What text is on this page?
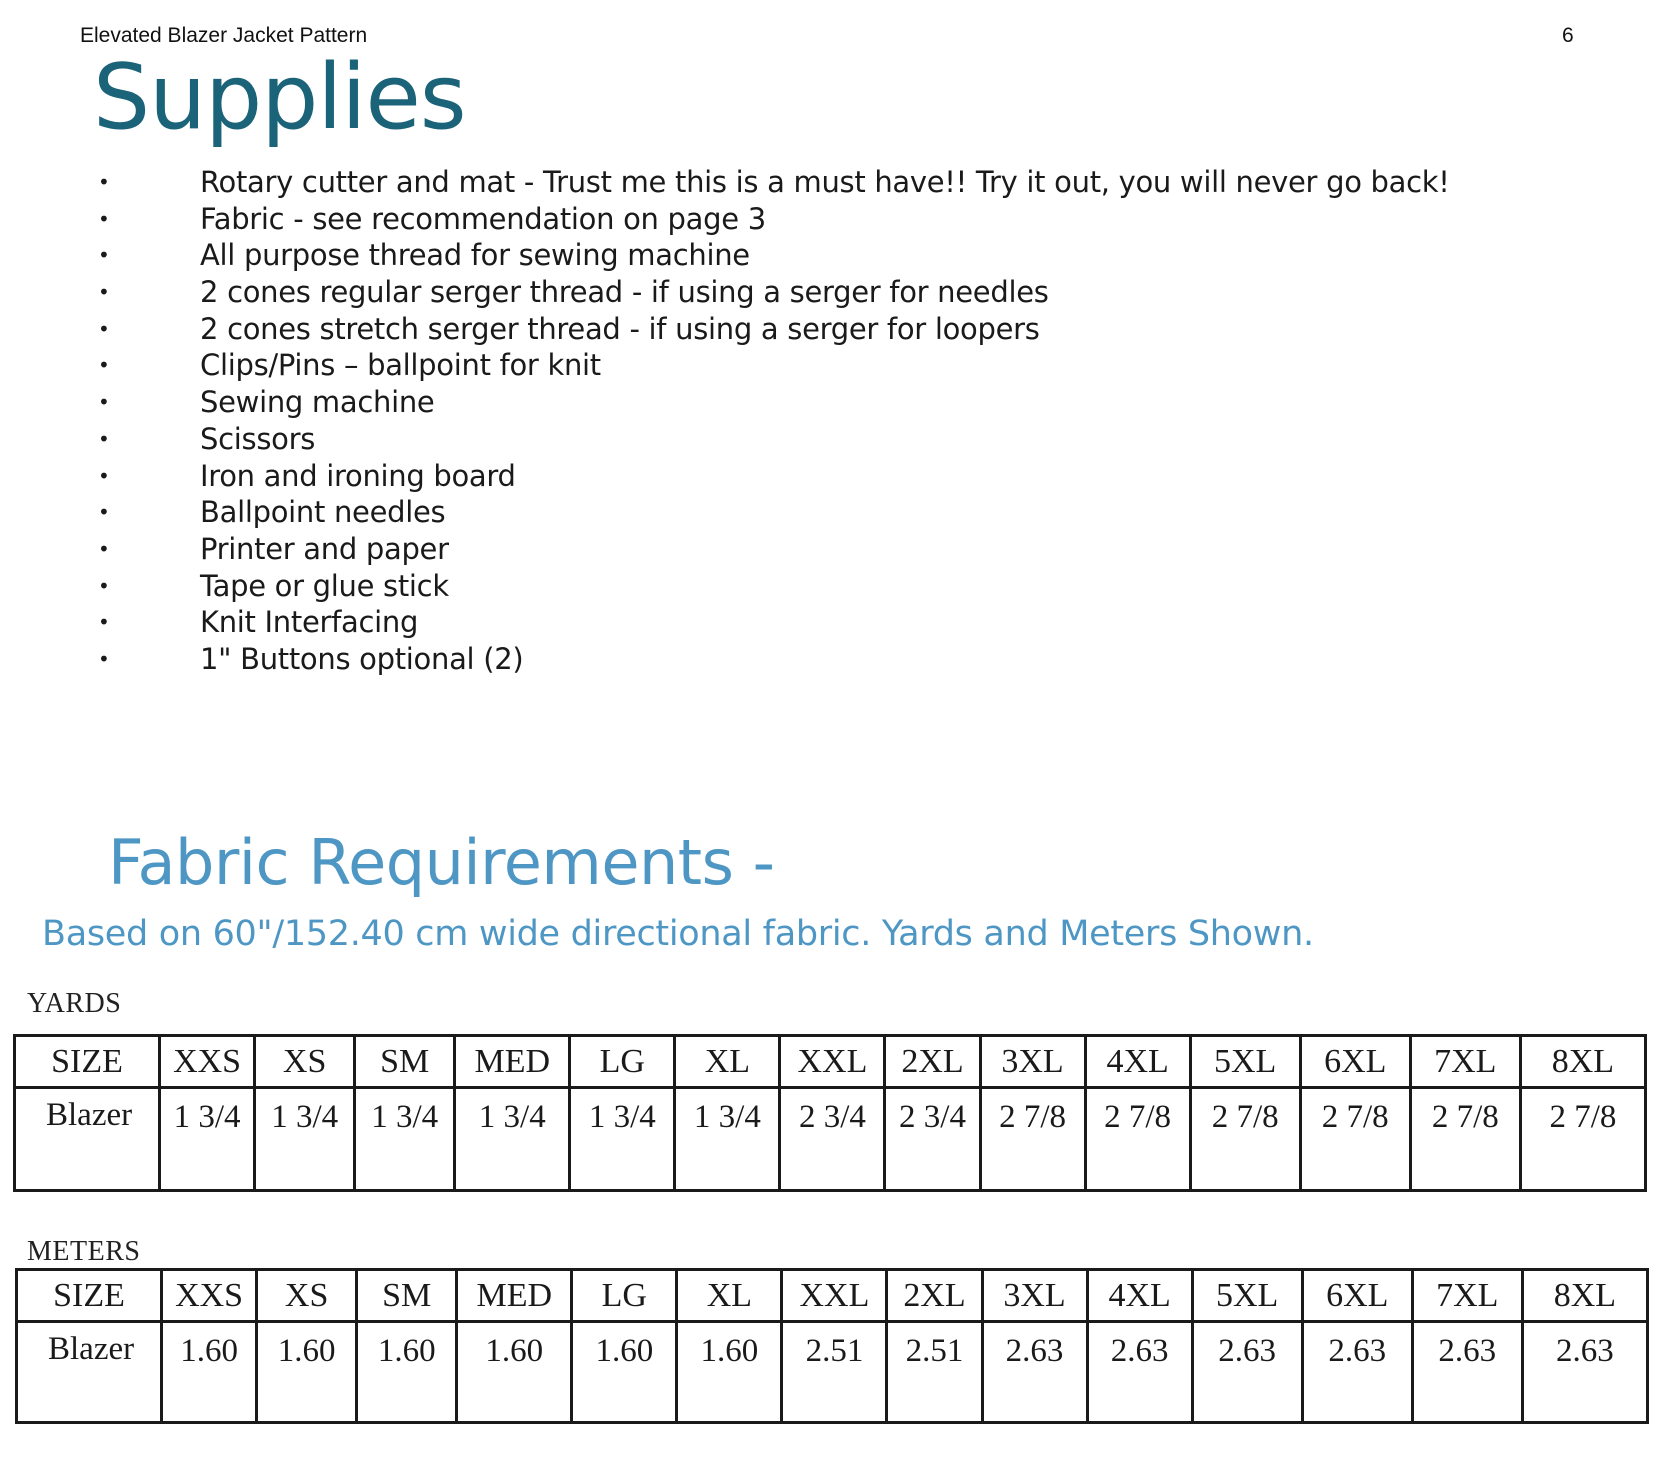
Elevated Blazer Jacket Pattern	6
Supplies
•	Rotary cutter and mat - Trust me this is a must have!! Try it out, you will never go back!
•	Fabric - see recommendation on page 3
•	All purpose thread for sewing machine
•	2 cones regular serger thread - if using a serger for needles
•	2 cones stretch serger thread - if using a serger for loopers
•	Clips/Pins – ballpoint for knit
•	Sewing machine
•	Scissors
•	Iron and ironing board
•	Ballpoint needles
•	Printer and paper
•	Tape or glue stick
•	Knit Interfacing
•	1" Buttons optional (2)
Fabric Requirements -
Based on 60"/152.40 cm wide directional fabric. Yards and Meters Shown.
YARDS
SIZE	XXS	XS	SM	MED	LG	XL	XXL	2XL	3XL	4XL	5XL	6XL	7XL	8XL
Blazer	1 3/4	1 3/4	1 3/4	1 3/4	1 3/4	1 3/4	2 3/4	2 3/4	2 7/8	2 7/8	2 7/8	2 7/8	2 7/8	2 7/8
METERS
SIZE	XXS	XS	SM	MED	LG	XL	XXL	2XL	3XL	4XL	5XL	6XL	7XL	8XL
Blazer	1.60	1.60	1.60	1.60	1.60	1.60	2.51	2.51	2.63	2.63	2.63	2.63	2.63	2.63
